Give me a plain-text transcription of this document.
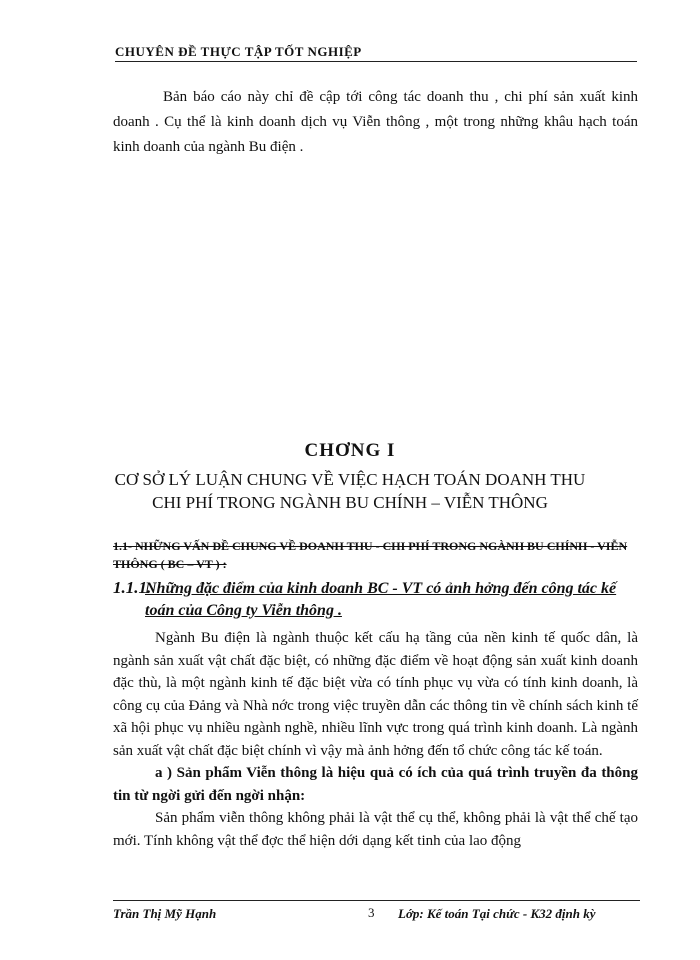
CHUYÊN ĐỀ THỰC TẬP TỐT NGHIỆP

Bản báo cáo này chỉ đề cập tới công tác doanh thu , chi phí sản xuất kinh doanh . Cụ thể là kinh doanh dịch vụ Viễn thông , một trong những khâu hạch toán kinh doanh của ngành Bu điện .

CHƠNG I
CƠ SỞ LÝ LUẬN CHUNG VỀ VIỆC HẠCH TOÁN DOANH THU
CHI PHÍ TRONG NGÀNH BU CHÍNH – VIỄN THÔNG
1.1- NHỮNG VẤN ĐỀ CHUNG VỀ DOANH THU - CHI PHÍ TRONG NGÀNH BU CHÍNH - VIỄN THÔNG ( BC – VT ) :
1.1.1.
Những đặc điểm của kinh doanh BC - VT có ảnh hởng đến công tác kế toán của Công ty Viễn thông .

Ngành Bu điện là ngành thuộc kết cấu hạ tầng của nền kinh tế quốc dân, là ngành sản xuất vật chất đặc biệt, có những đặc điểm về hoạt động sản xuất kinh doanh đặc thù, là một ngành kinh tế đặc biệt vừa có tính phục vụ vừa có tính kinh doanh, là công cụ của Đảng và Nhà nớc trong việc truyền dẫn các thông tin về chính sách kinh tế xã hội phục vụ nhiều ngành nghề, nhiều lĩnh vực trong quá trình kinh doanh. Là ngành sản xuất vật chất đặc biệt chính vì vậy mà ảnh hởng đến tổ chức công tác kế toán.

a ) Sản phẩm Viễn thông là hiệu quả có ích của quá trình truyền đa thông tin từ ngời gửi đến ngời nhận:

Sản phẩm viễn thông không phải là vật thể cụ thể, không phải là vật thể chế tạo mới. Tính không vật thể đợc thể hiện dới dạng kết tinh của lao động

Trần Thị Mỹ Hạnh	3 Lớp: Kế toán Tại chức - K32 định kỳ
